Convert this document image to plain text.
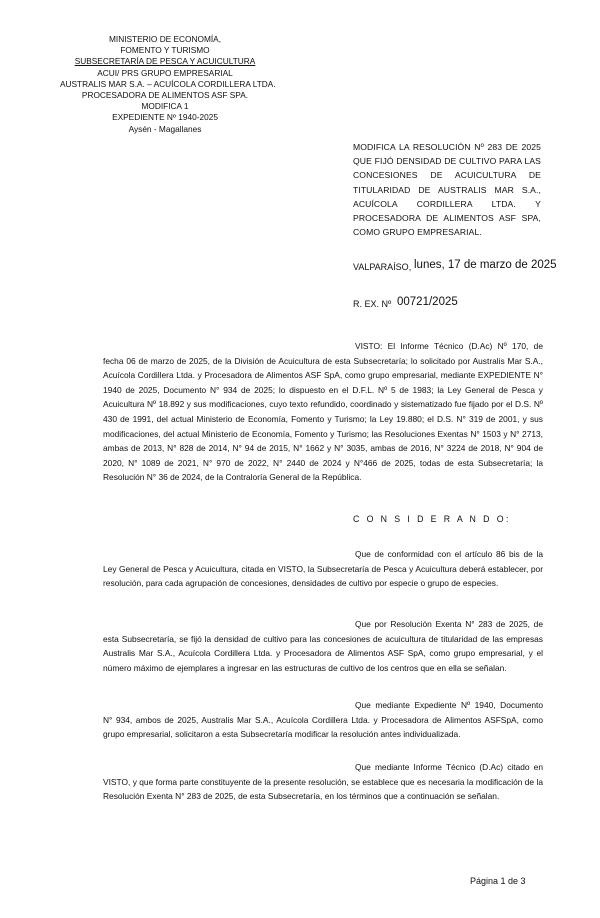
MINISTERIO DE ECONOMÍA,
FOMENTO Y TURISMO
SUBSECRETARÍA DE PESCA Y ACUICULTURA
ACUI/ PRS GRUPO EMPRESARIAL
AUSTRALIS MAR S.A. – ACUÍCOLA CORDILLERA LTDA.
PROCESADORA DE ALIMENTOS ASF SPA.
MODIFICA 1
EXPEDIENTE Nº 1940-2025
Aysén - Magallanes
MODIFICA LA RESOLUCIÓN Nº 283 DE 2025 QUE FIJÓ DENSIDAD DE CULTIVO PARA LAS CONCESIONES DE ACUICULTURA DE TITULARIDAD DE AUSTRALIS MAR S.A., ACUÍCOLA CORDILLERA LTDA. Y PROCESADORA DE ALIMENTOS ASF SPA, COMO GRUPO EMPRESARIAL.
VALPARAÍSO, lunes, 17 de marzo de 2025
R. EX. Nº 00721/2025
VISTO: El Informe Técnico (D.Ac) Nº 170, de fecha 06 de marzo de 2025, de la División de Acuicultura de esta Subsecretaría; lo solicitado por Australis Mar S.A., Acuícola Cordillera Ltda. y Procesadora de Alimentos ASF SpA, como grupo empresarial, mediante EXPEDIENTE N° 1940 de 2025, Documento N° 934 de 2025; lo dispuesto en el D.F.L. Nº 5 de 1983; la Ley General de Pesca y Acuicultura Nº 18.892 y sus modificaciones, cuyo texto refundido, coordinado y sistematizado fue fijado por el D.S. Nº 430 de 1991, del actual Ministerio de Economía, Fomento y Turismo; la Ley 19.880; el D.S. N° 319 de 2001, y sus modificaciones, del actual Ministerio de Economía, Fomento y Turismo; las Resoluciones Exentas N° 1503 y N° 2713, ambas de 2013, N° 828 de 2014, N° 94 de 2015, N° 1662 y N° 3035, ambas de 2016, N° 3224 de 2018, N° 904 de 2020, N° 1089 de 2021, N° 970 de 2022, N° 2440 de 2024 y N°466 de 2025, todas de esta Subsecretaría; la Resolución N° 36 de 2024, de la Contraloría General de la República.
C O N S I D E R A N D O:
Que de conformidad con el artículo 86 bis de la Ley General de Pesca y Acuicultura, citada en VISTO, la Subsecretaría de Pesca y Acuicultura deberá establecer, por resolución, para cada agrupación de concesiones, densidades de cultivo por especie o grupo de especies.
Que por Resolución Exenta N° 283 de 2025, de esta Subsecretaría, se fijó la densidad de cultivo para las concesiones de acuicultura de titularidad de las empresas Australis Mar S.A., Acuícola Cordillera Ltda. y Procesadora de Alimentos ASF SpA, como grupo empresarial, y el número máximo de ejemplares a ingresar en las estructuras de cultivo de los centros que en ella se señalan.
Que mediante Expediente Nº 1940, Documento N° 934, ambos de 2025, Australis Mar S.A., Acuícola Cordillera Ltda. y Procesadora de Alimentos ASFSpA, como grupo empresarial, solicitaron a esta Subsecretaría modificar la resolución antes individualizada.
Que mediante Informe Técnico (D.Ac) citado en VISTO, y que forma parte constituyente de la presente resolución, se establece que es necesaria la modificación de la Resolución Exenta N° 283 de 2025, de esta Subsecretaría, en los términos que a continuación se señalan.
Página 1 de 3
